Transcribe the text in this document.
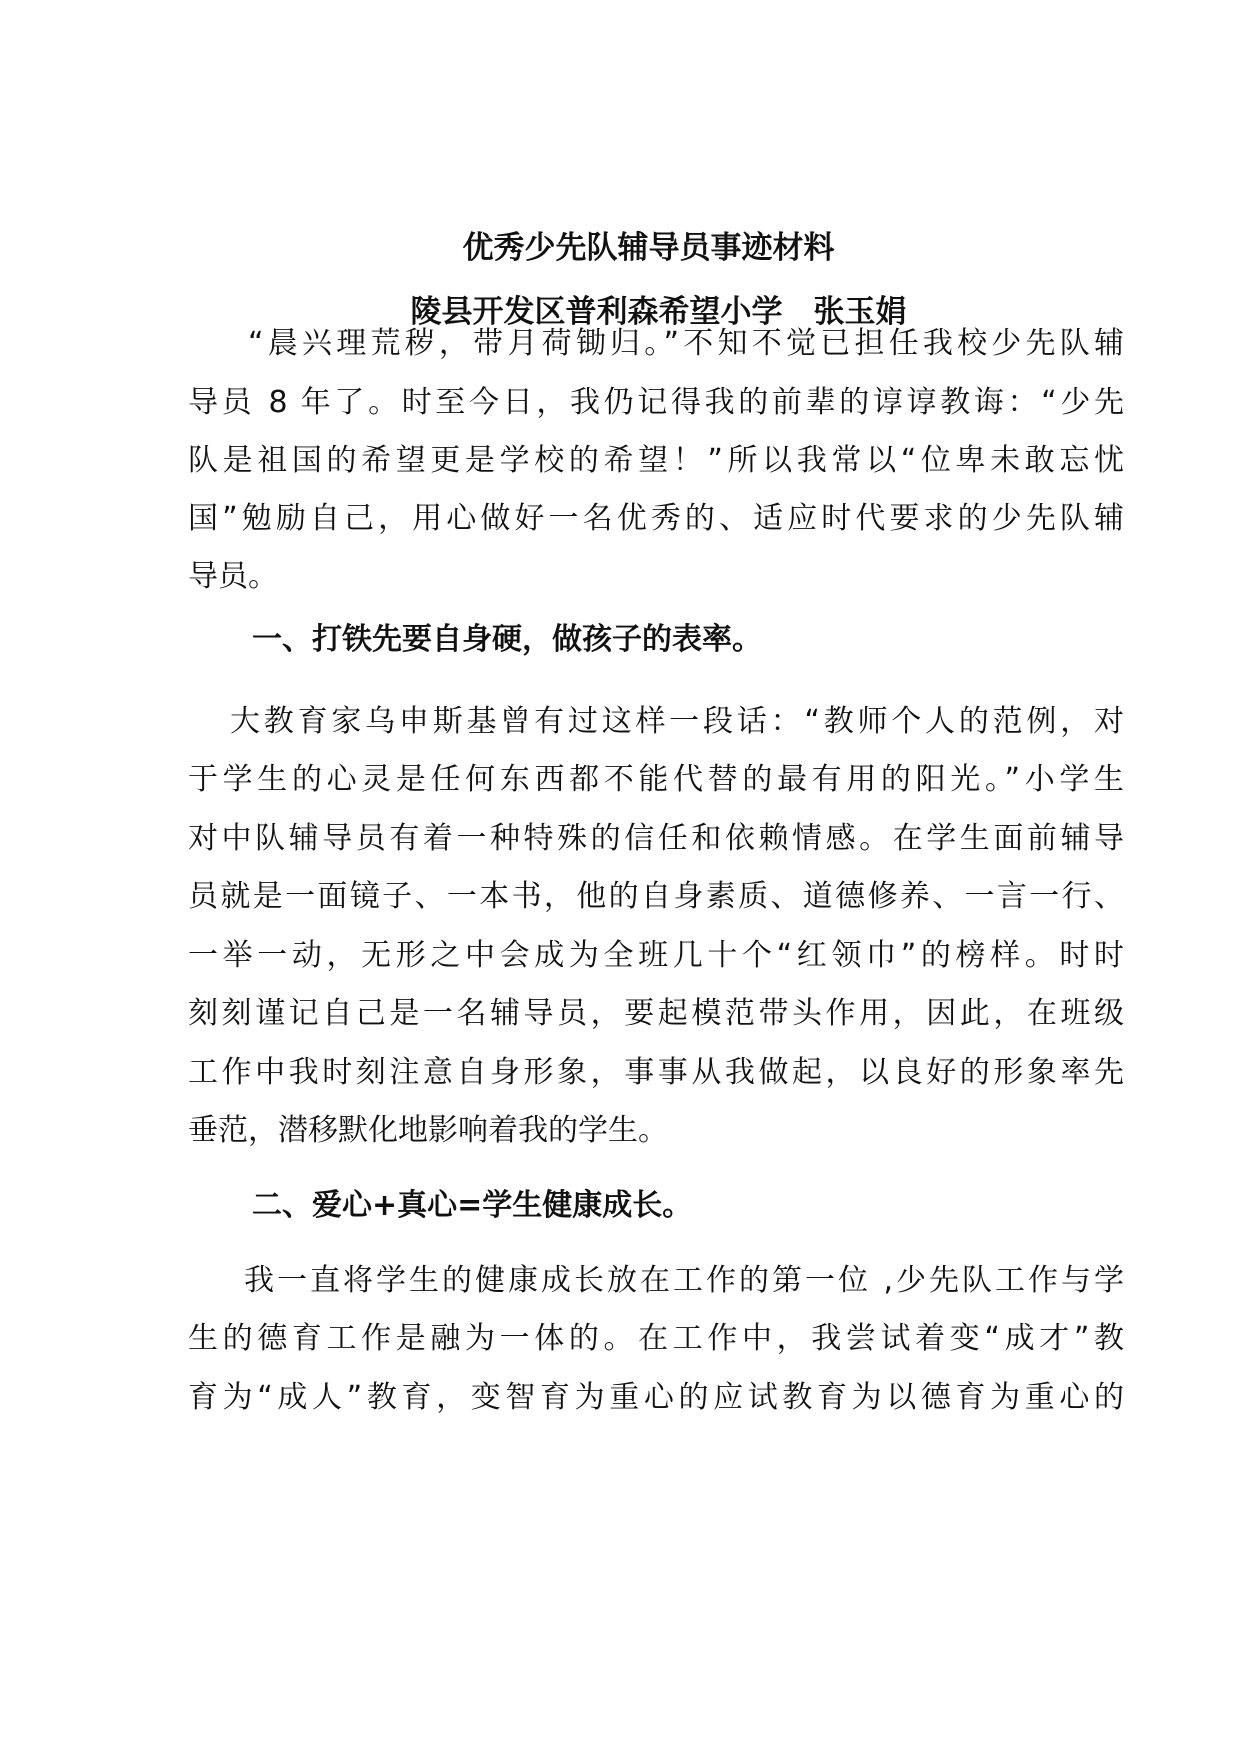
优秀少先队辅导员事迹材料
陵县开发区普利森希望小学　张玉娟
“晨兴理荒秽，带月荷锄归。”不知不觉已担任我校少先队辅
导员 8 年了。时至今日，我仍记得我的前辈的谆谆教诲：“少先
队是祖国的希望更是学校的希望！”所以我常以“位卑未敢忘忧
国”勉励自己，用心做好一名优秀的、适应时代要求的少先队辅
导员。
一、打铁先要自身硬，做孩子的表率。
大教育家乌申斯基曾有过这样一段话：“教师个人的范例，对
于学生的心灵是任何东西都不能代替的最有用的阳光。”小学生
对中队辅导员有着一种特殊的信任和依赖情感。在学生面前辅导
员就是一面镜子、一本书，他的自身素质、道德修养、一言一行、
一举一动，无形之中会成为全班几十个“红领巾”的榜样。时时
刻刻谨记自己是一名辅导员，要起模范带头作用，因此，在班级
工作中我时刻注意自身形象，事事从我做起，以良好的形象率先
垂范，潜移默化地影响着我的学生。
二、爱心+真心=学生健康成长。
我一直将学生的健康成长放在工作的第一位 ,少先队工作与学
生的德育工作是融为一体的。在工作中，我尝试着变“成才”教
育为“成人”教育，变智育为重心的应试教育为以德育为重心的
